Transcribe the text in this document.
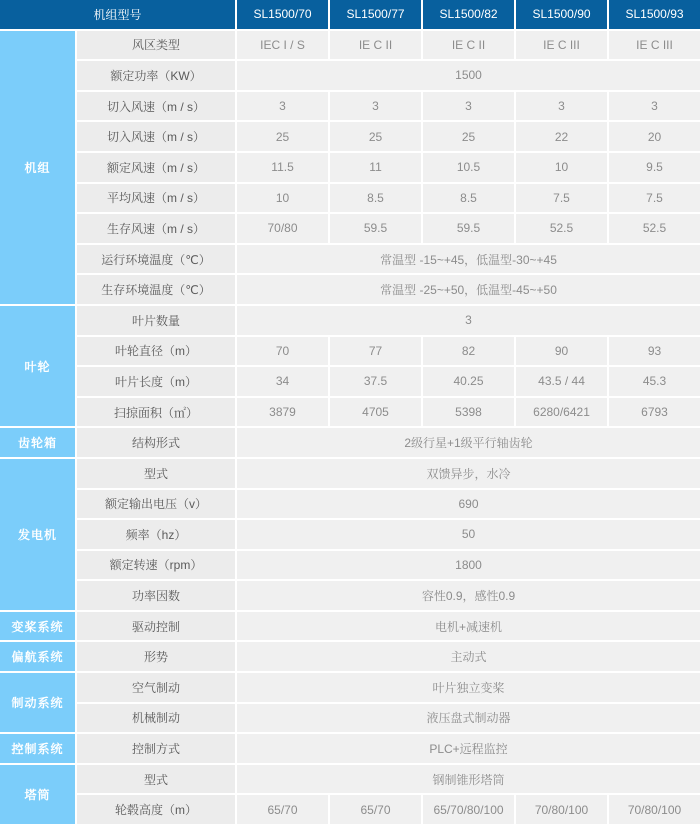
机组型号		SL1500/70	SL1500/77	SL1500/82	SL1500/90	SL1500/93
机组	风区类型	IEC I / S	IE C II	IE C II	IE C III	IE C III
	额定功率（KW）	1500				
	切入风速（m / s）	3	3	3	3	3
	切入风速（m / s）	25	25	25	22	20
	额定风速（m / s）	11.5	11	10.5	10	9.5
	平均风速（m / s）	10	8.5	8.5	7.5	7.5
	生存风速（m / s）	70/80	59.5	59.5	52.5	52.5
	运行环境温度（℃）	常温型 -15~+45，低温型-30~+45				
	生存环境温度（℃）	常温型 -25~+50，低温型-45~+50				
叶轮	叶片数量	3				
	叶轮直径（m）	70	77	82	90	93
	叶片长度（m）	34	37.5	40.25	43.5 / 44	45.3
	扫掠面积（㎡）	3879	4705	5398	6280/6421	6793
齿轮箱	结构形式	2级行星+1级平行轴齿轮				
发电机	型式	双馈异步，水冷				
	额定输出电压（v）	690				
	频率（hz）	50				
	额定转速（rpm）	1800				
	功率因数	容性0.9，感性0.9				
变桨系统	驱动控制	电机+减速机				
偏航系统	形势	主动式				
制动系统	空气制动	叶片独立变桨				
	机械制动	液压盘式制动器				
控制系统	控制方式	PLC+远程监控				
塔筒	型式	钢制锥形塔筒				
	轮毂高度（m）	65/70	65/70	65/70/80/100	70/80/100	70/80/100
